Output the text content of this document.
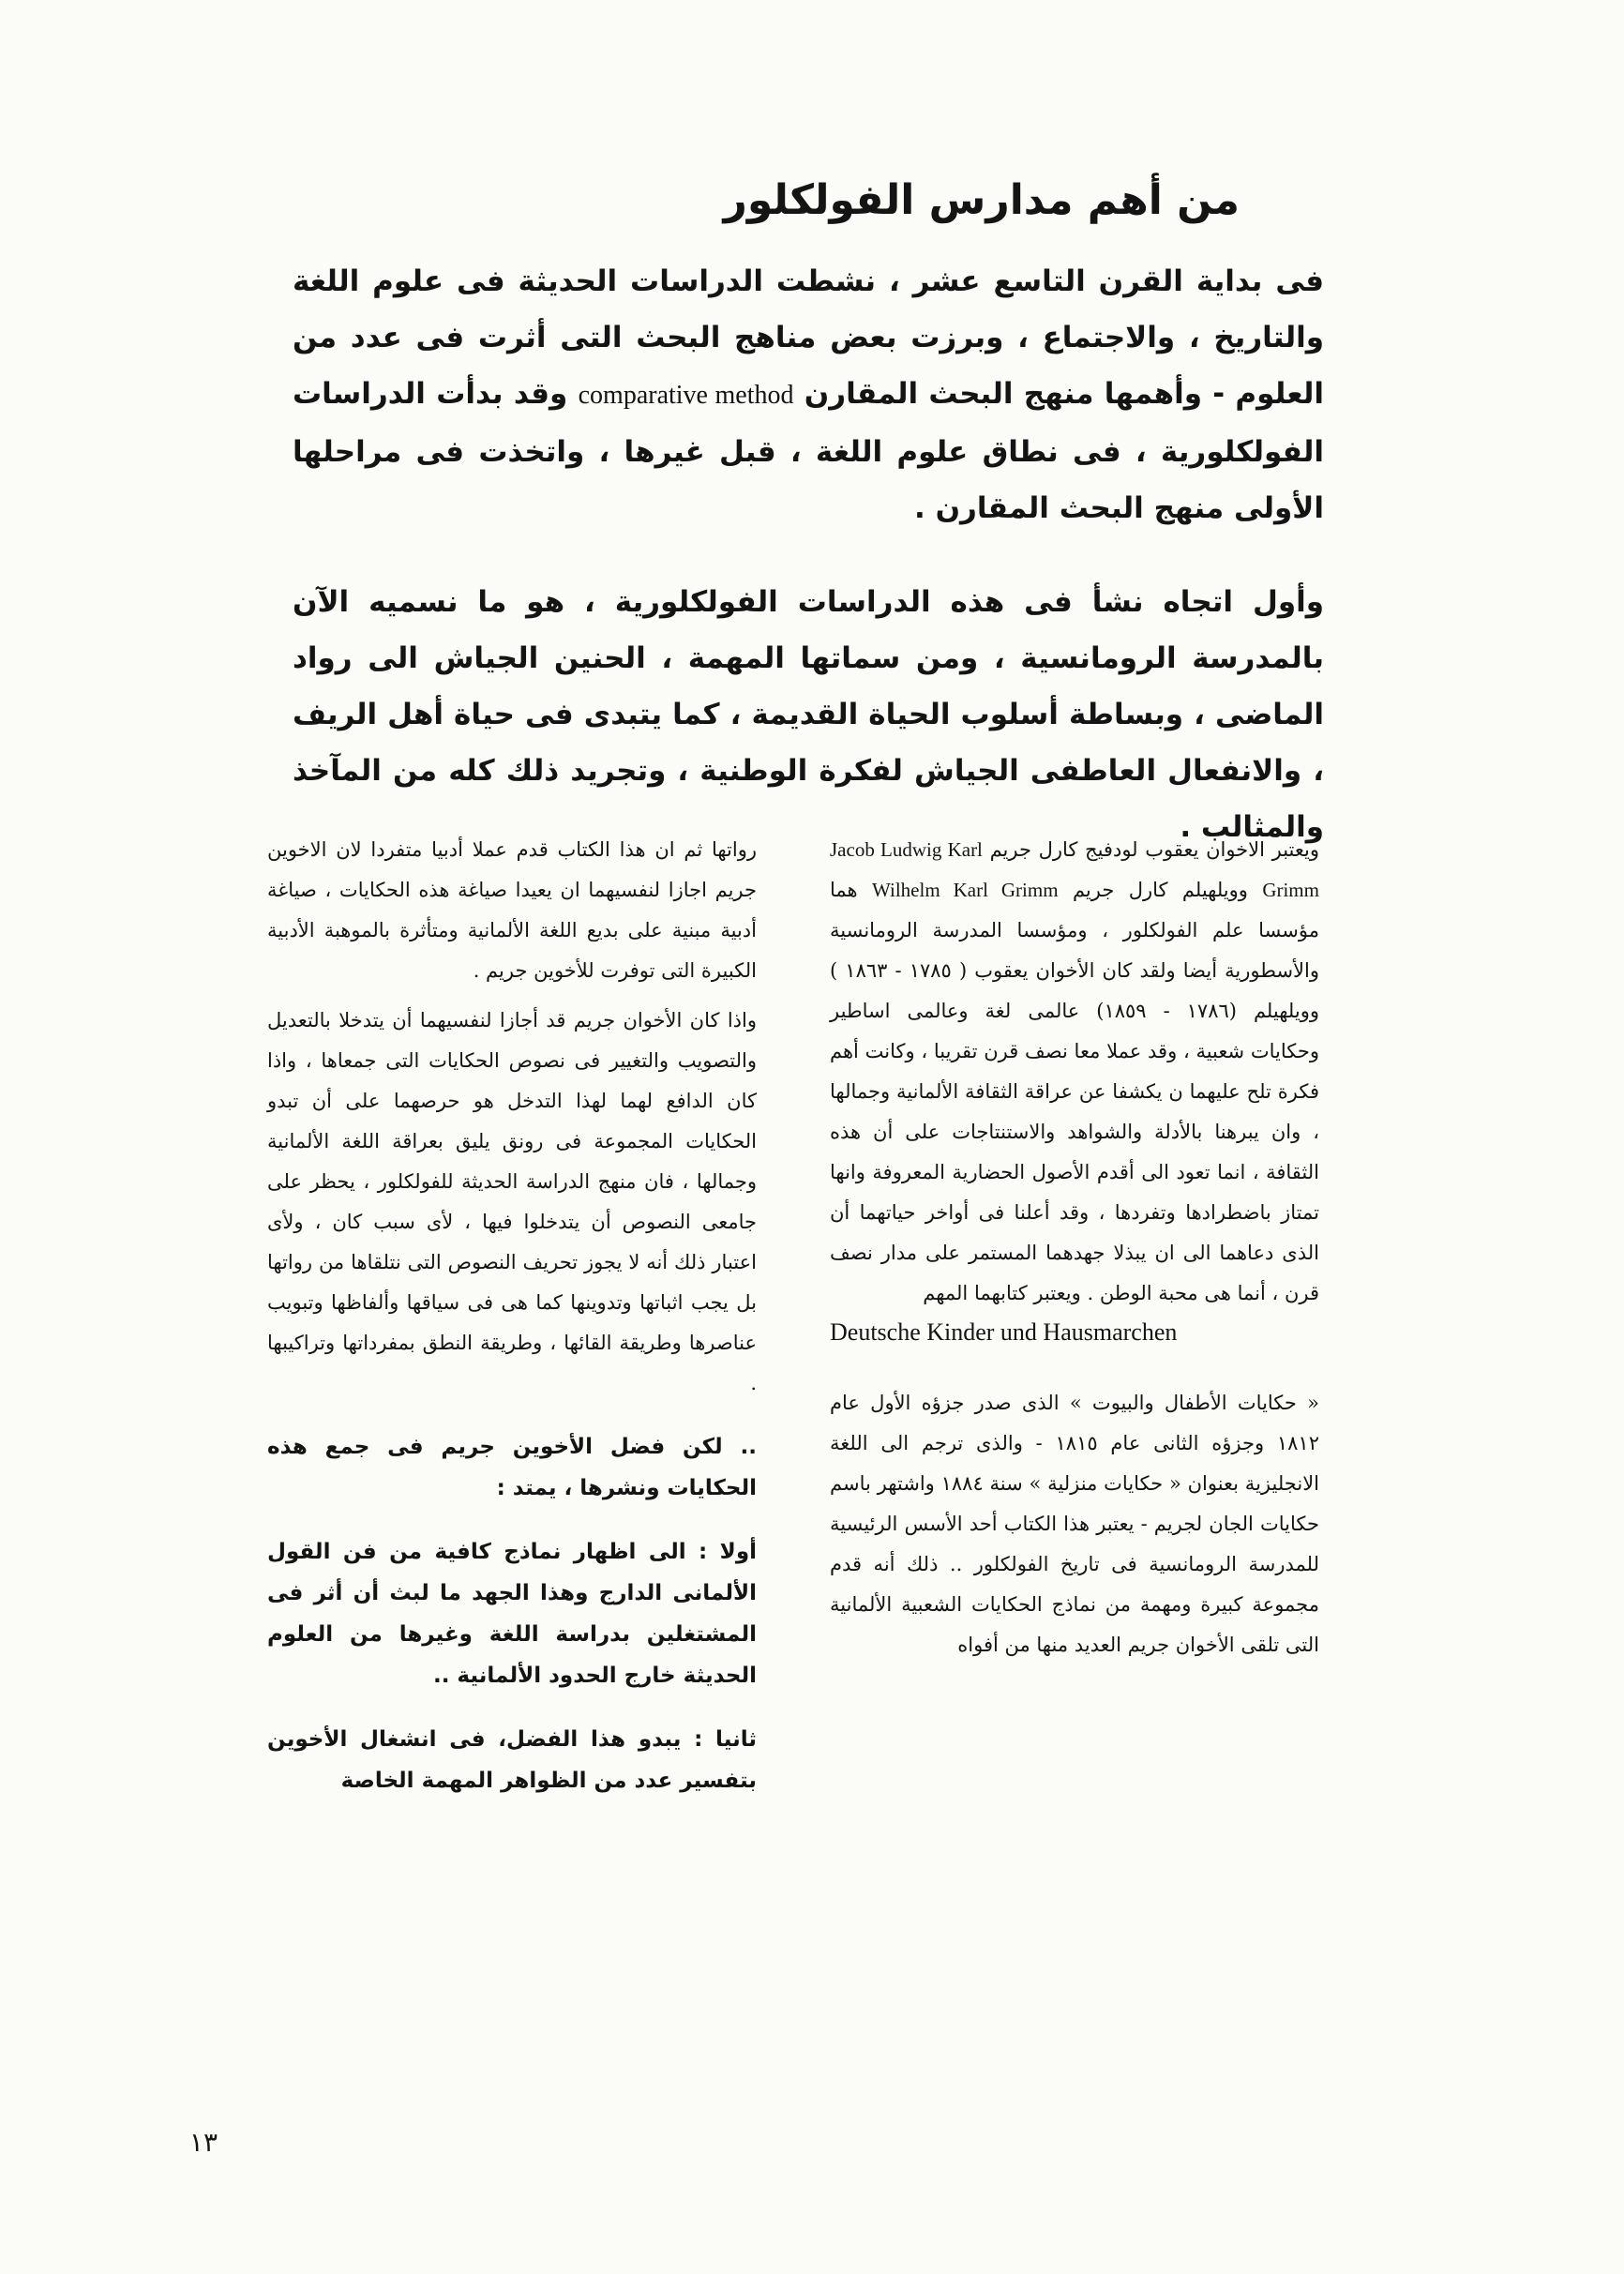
من أهم مدارس الفولكلور

فى بداية القرن التاسع عشر ، نشطت الدراسات الحديثة فى علوم اللغة والتاريخ ، والاجتماع ، وبرزت بعض مناهج البحث التى أثرت فى عدد من العلوم - وأهمها منهج البحث المقارن comparative method وقد بدأت الدراسات الفولكلورية ، فى نطاق علوم اللغة ، قبل غيرها ، واتخذت فى مراحلها الأولى منهج البحث المقارن .

وأول اتجاه نشأ فى هذه الدراسات الفولكلورية ، هو ما نسميه الآن بالمدرسة الرومانسية ، ومن سماتها المهمة ، الحنين الجياش الى رواد الماضى ، وبساطة أسلوب الحياة القديمة ، كما يتبدى فى حياة أهل الريف ، والانفعال العاطفى الجياش لفكرة الوطنية ، وتجريد ذلك كله من المآخذ والمثالب .

ويعتبر الاخوان يعقوب لودفيج كارل جريم Jacob Ludwig Karl Grimm وويلهيلم كارل جريم Wilhelm Karl Grimm هما مؤسسا علم الفولكلور ، ومؤسسا المدرسة الرومانسية والأسطورية أيضا ولقد كان الأخوان يعقوب ( ١٧٨٥ - ١٨٦٣ ) وويلهيلم (١٧٨٦ - ١٨٥٩) عالمى لغة وعالمى اساطير وحكايات شعبية ، وقد عملا معا نصف قرن تقريبا ، وكانت أهم فكرة تلح عليهما ن يكشفا عن عراقة الثقافة الألمانية وجمالها ، وان يبرهنا بالأدلة والشواهد والاستنتاجات على أن هذه الثقافة ، انما تعود الى أقدم الأصول الحضارية المعروفة وانها تمتاز باضطرادها وتفردها ، وقد أعلنا فى أواخر حياتهما أن الذى دعاهما الى ان يبذلا جهدهما المستمر على مدار نصف قرن ، أنما هى محبة الوطن . ويعتبر كتابهما المهم
Deutsche Kinder und Hausmarchen

« حكايات الأطفال والبيوت » الذى صدر جزؤه الأول عام ١٨١٢ وجزؤه الثانى عام ١٨١٥ - والذى ترجم الى اللغة الانجليزية بعنوان « حكايات منزلية » سنة ١٨٨٤ واشتهر باسم حكايات الجان لجريم - يعتبر هذا الكتاب أحد الأسس الرئيسية للمدرسة الرومانسية فى تاريخ الفولكلور .. ذلك أنه قدم مجموعة كبيرة ومهمة من نماذج الحكايات الشعبية الألمانية التى تلقى الأخوان جريم العديد منها من أفواه

رواتها ثم ان هذا الكتاب قدم عملا أدبيا متفردا لان الاخوين جريم اجازا لنفسيهما ان يعيدا صياغة هذه الحكايات ، صياغة أدبية مبنية على بديع اللغة الألمانية ومتأثرة بالموهبة الأدبية الكبيرة التى توفرت للأخوين جريم .

واذا كان الأخوان جريم قد أجازا لنفسيهما أن يتدخلا بالتعديل والتصويب والتغيير فى نصوص الحكايات التى جمعاها ، واذا كان الدافع لهما لهذا التدخل هو حرصهما على أن تبدو الحكايات المجموعة فى رونق يليق بعراقة اللغة الألمانية وجمالها ، فان منهج الدراسة الحديثة للفولكلور ، يحظر على جامعى النصوص أن يتدخلوا فيها ، لأى سبب كان ، ولأى اعتبار ذلك أنه لا يجوز تحريف النصوص التى نتلقاها من رواتها بل يجب اثباتها وتدوينها كما هى فى سياقها وألفاظها وتبويب عناصرها وطريقة القائها ، وطريقة النطق بمفرداتها وتراكيبها .

.. لكن فضل الأخوين جريم فى جمع هذه الحكايات ونشرها ، يمتد :

أولا : الى اظهار نماذج كافية من فن القول الألمانى الدارج وهذا الجهد ما لبث أن أثر فى المشتغلين بدراسة اللغة وغيرها من العلوم الحديثة خارج الحدود الألمانية ..

ثانيا : يبدو هذا الفضل، فى انشغال الأخوين بتفسير عدد من الظواهر المهمة الخاصة

١٣
